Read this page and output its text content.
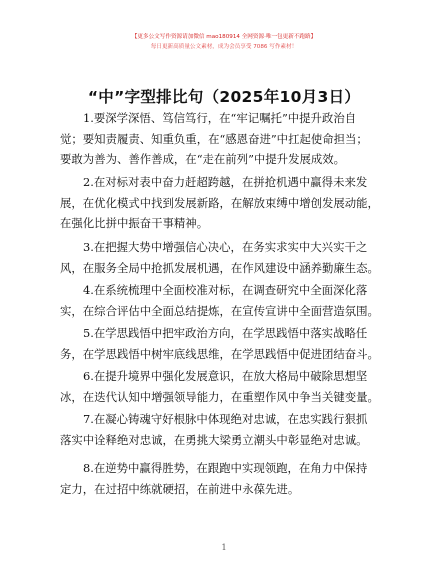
【更多公文写作资源请加微信 mao180914 全网资源·唯一包更新不跑路】
每日更新高质量公文素材，成为会员享受 7086 写作素材！
“中”字型排比句（2025年10月3日）

1.要深学深悟、笃信笃行，在“牢记嘱托”中提升政治自
觉；要知责履责、知重负重，在“感恩奋进”中扛起使命担当；
要敢为善为、善作善成，在“走在前列”中提升发展成效。

2.在对标对表中奋力赶超跨越，在拼抢机遇中赢得未来发
展，在优化模式中找到发展新路，在解放束缚中增创发展动能，
在强化比拼中振奋干事精神。

3.在把握大势中增强信心决心，在务实求实中大兴实干之
风，在服务全局中抢抓发展机遇，在作风建设中涵养勤廉生态。

4.在系统梳理中全面校准对标，在调查研究中全面深化落
实，在综合评估中全面总结提炼，在宣传宣讲中全面营造氛围。

5.在学思践悟中把牢政治方向，在学思践悟中落实战略任
务，在学思践悟中树牢底线思维，在学思践悟中促进团结奋斗。

6.在提升境界中强化发展意识，在放大格局中破除思想坚
冰，在迭代认知中增强领导能力，在重塑作风中争当关键变量。

7.在凝心铸魂守好根脉中体现绝对忠诚，在忠实践行狠抓
落实中诠释绝对忠诚，在勇挑大梁勇立潮头中彰显绝对忠诚。

8.在逆势中赢得胜势，在跟跑中实现领跑，在角力中保持
定力，在过招中练就硬招，在前进中永葆先进。

1
